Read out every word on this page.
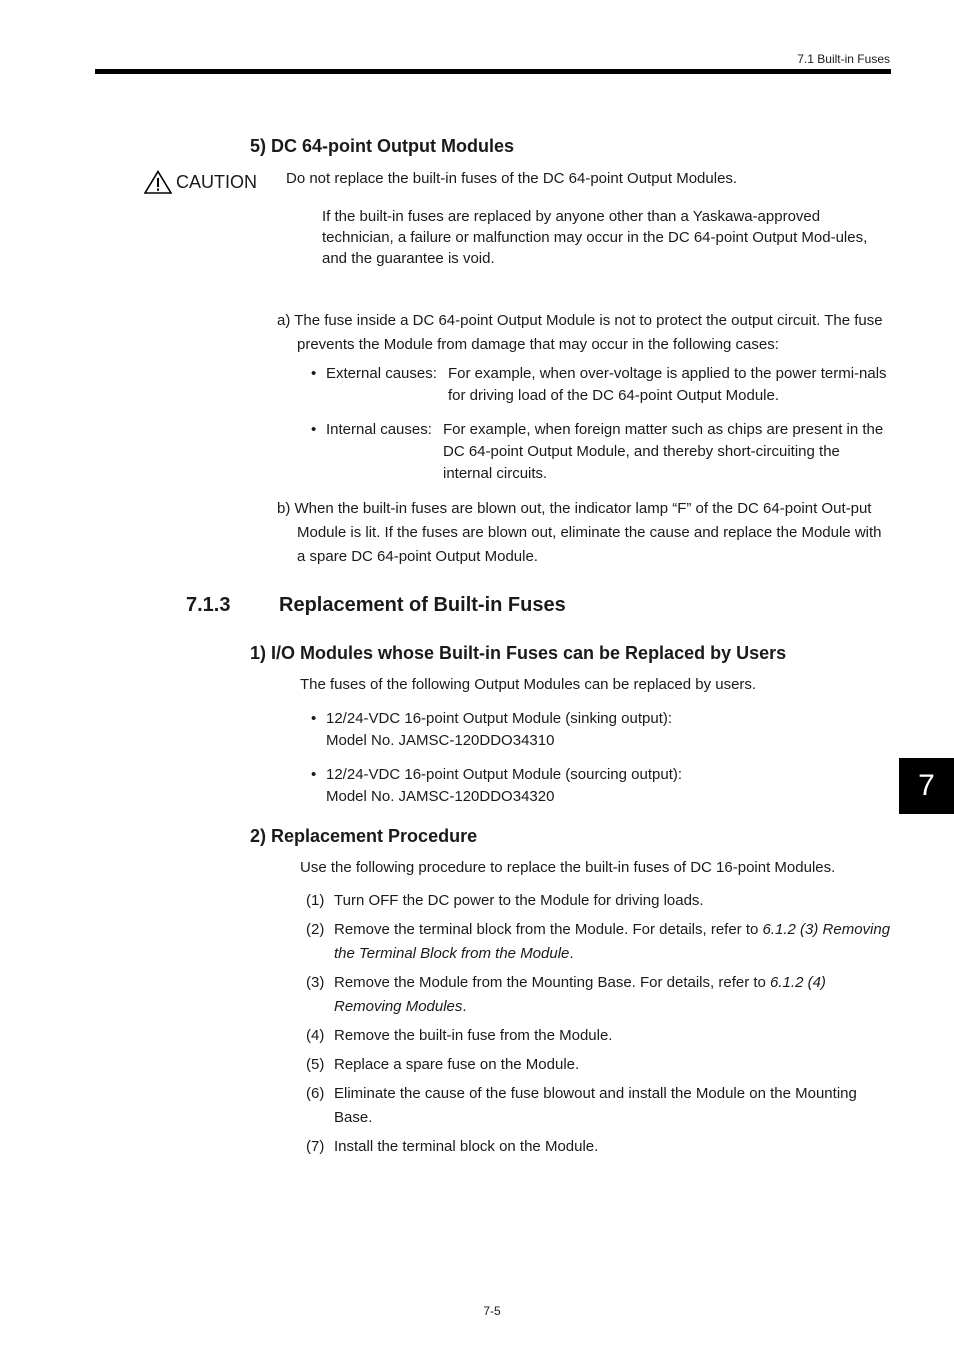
7.1 Built-in Fuses
5) DC 64-point Output Modules
CAUTION Do not replace the built-in fuses of the DC 64-point Output Modules.
If the built-in fuses are replaced by anyone other than a Yaskawa-approved technician, a failure or malfunction may occur in the DC 64-point Output Mod-ules, and the guarantee is void.
a) The fuse inside a DC 64-point Output Module is not to protect the output circuit. The fuse prevents the Module from damage that may occur in the following cases:
• External causes: For example, when over-voltage is applied to the power termi-nals for driving load of the DC 64-point Output Module.
• Internal causes: For example, when foreign matter such as chips are present in the DC 64-point Output Module, and thereby short-circuiting the internal circuits.
b) When the built-in fuses are blown out, the indicator lamp “F” of the DC 64-point Out-put Module is lit. If the fuses are blown out, eliminate the cause and replace the Module with a spare DC 64-point Output Module.
7.1.3 Replacement of Built-in Fuses
1) I/O Modules whose Built-in Fuses can be Replaced by Users
The fuses of the following Output Modules can be replaced by users.
• 12/24-VDC 16-point Output Module (sinking output):
Model No. JAMSC-120DDO34310
• 12/24-VDC 16-point Output Module (sourcing output):
Model No. JAMSC-120DDO34320
2) Replacement Procedure
Use the following procedure to replace the built-in fuses of DC 16-point Modules.
(1) Turn OFF the DC power to the Module for driving loads.
(2) Remove the terminal block from the Module. For details, refer to 6.1.2 (3) Removing the Terminal Block from the Module.
(3) Remove the Module from the Mounting Base. For details, refer to 6.1.2 (4) Removing Modules.
(4) Remove the built-in fuse from the Module.
(5) Replace a spare fuse on the Module.
(6) Eliminate the cause of the fuse blowout and install the Module on the Mounting Base.
(7) Install the terminal block on the Module.
7
7-5
